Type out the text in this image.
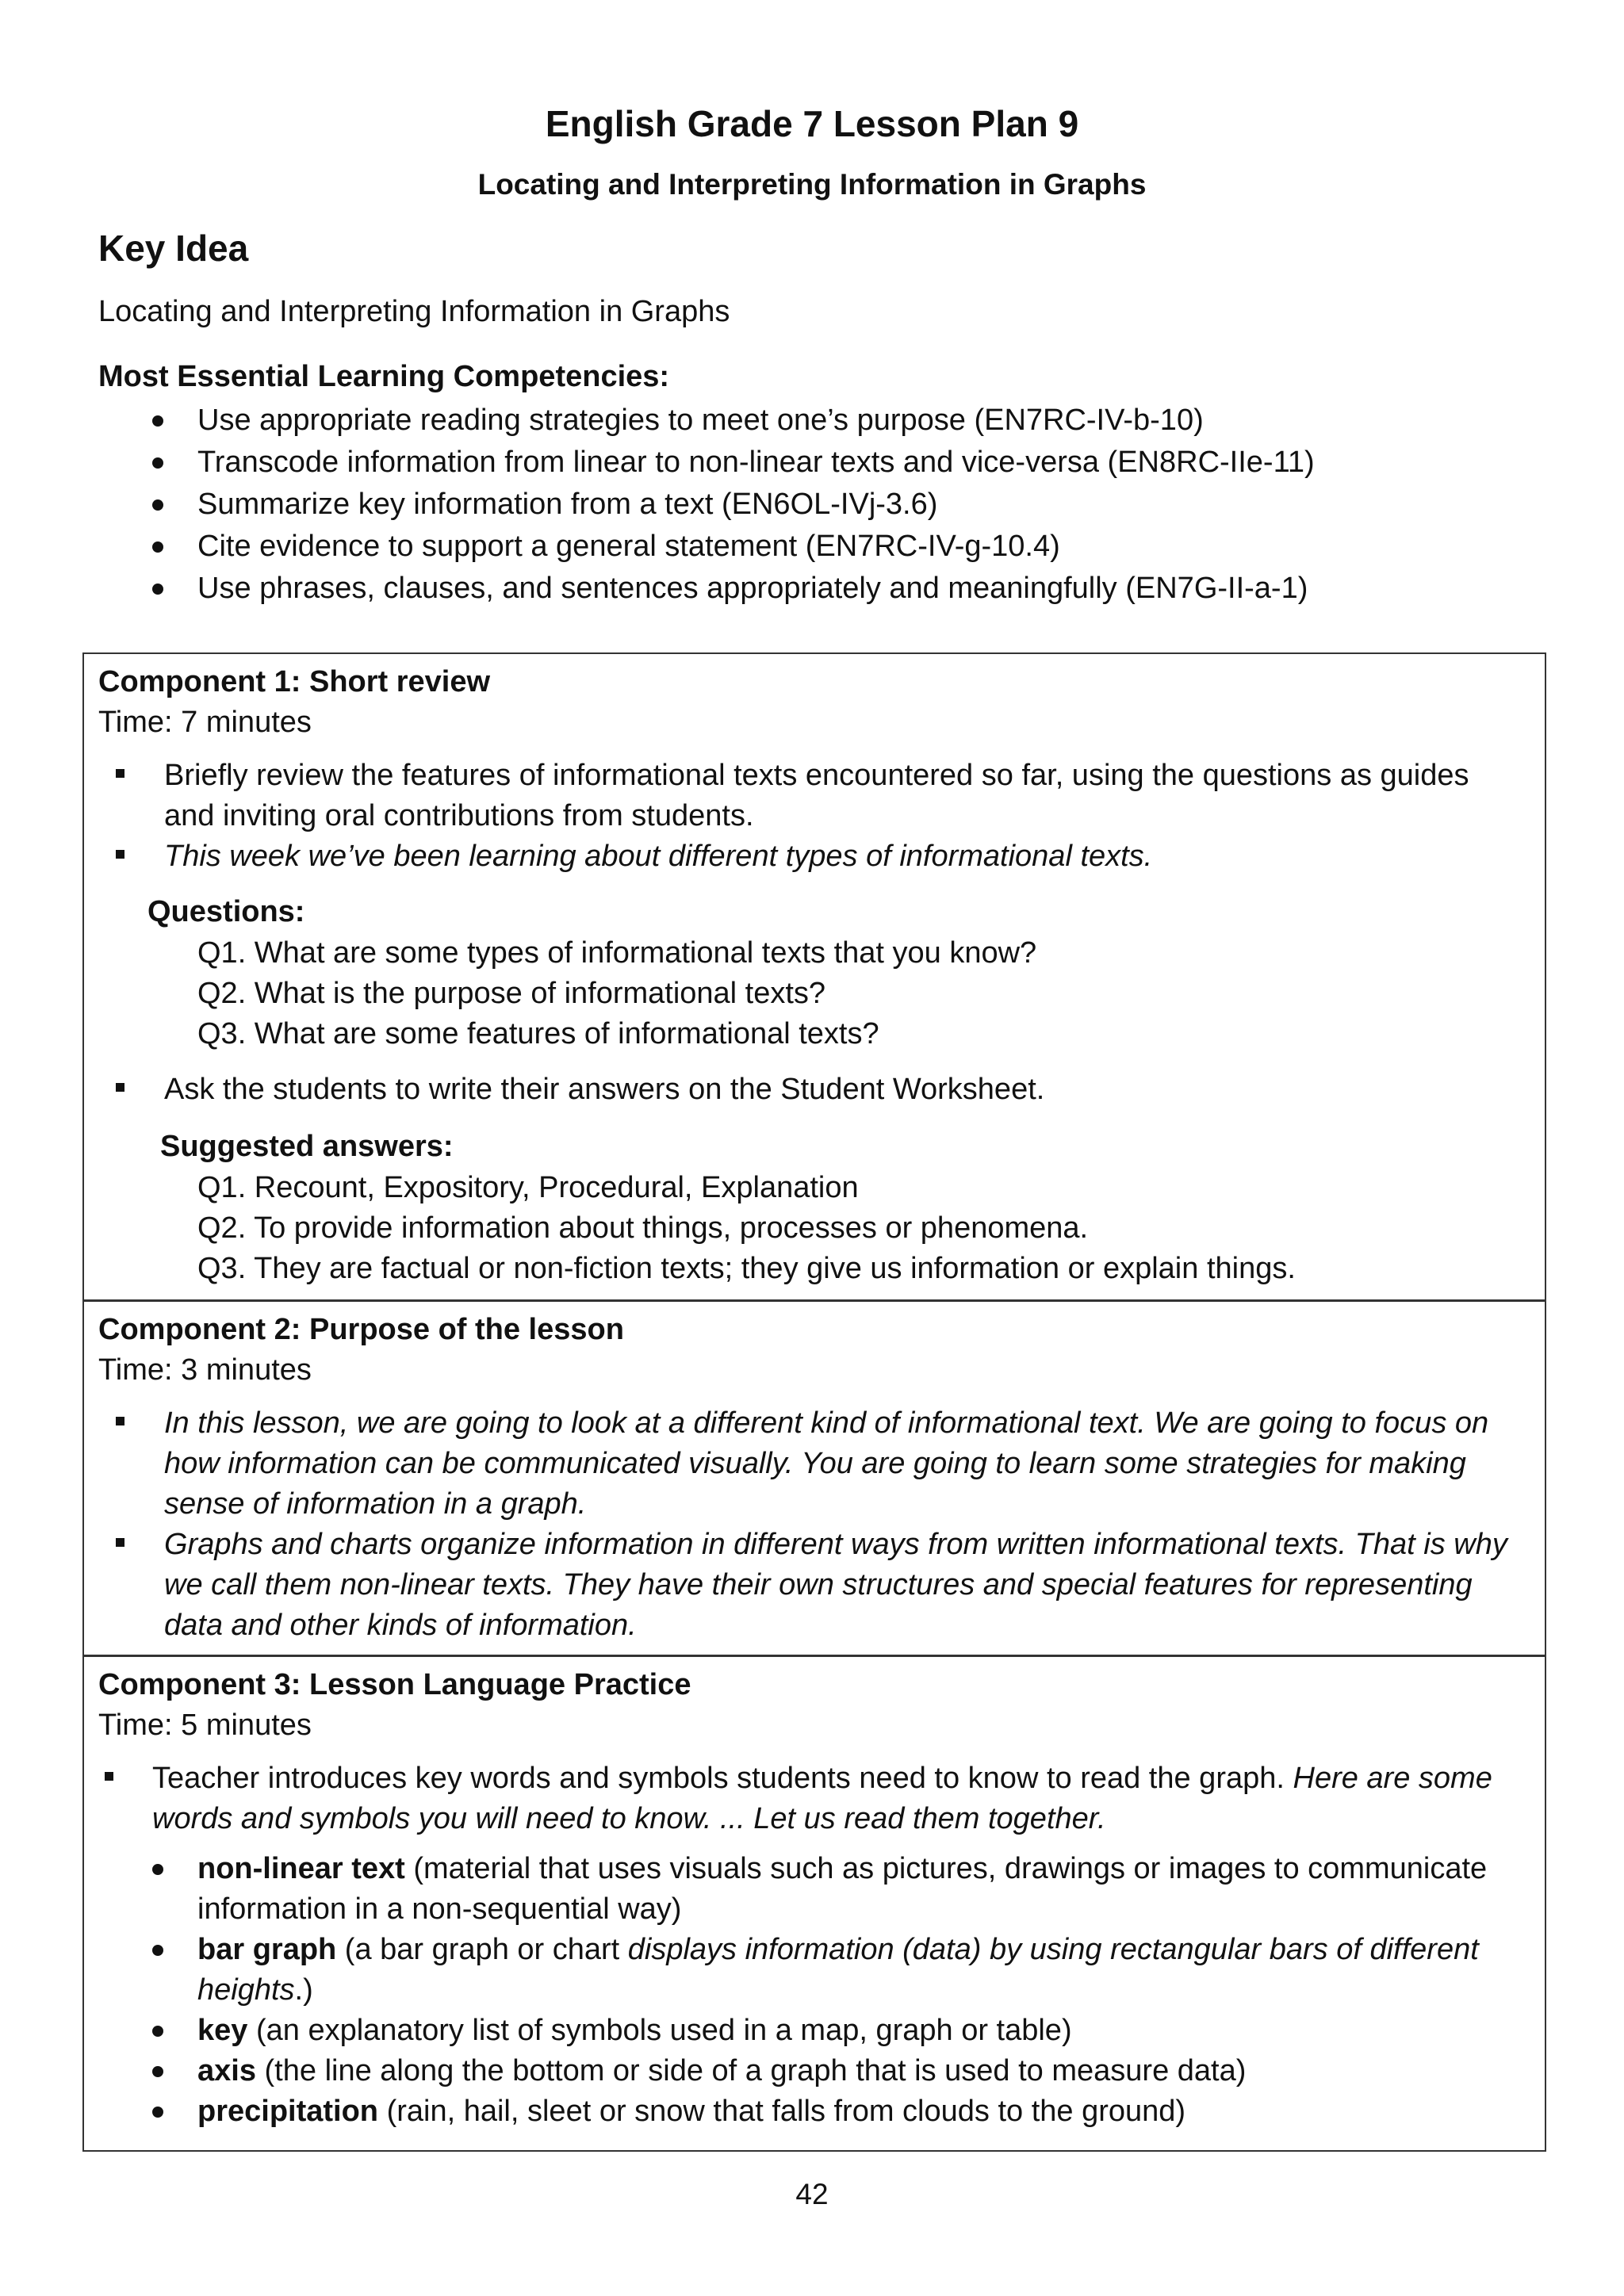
English Grade 7 Lesson Plan 9
Locating and Interpreting Information in Graphs
Key Idea
Locating and Interpreting Information in Graphs
Most Essential Learning Competencies:
Use appropriate reading strategies to meet one’s purpose (EN7RC-IV-b-10)
Transcode information from linear to non-linear texts and vice-versa (EN8RC-IIe-11)
Summarize key information from a text (EN6OL-IVj-3.6)
Cite evidence to support a general statement (EN7RC-IV-g-10.4)
Use phrases, clauses, and sentences appropriately and meaningfully (EN7G-II-a-1)
Component 1: Short review
Time: 7 minutes
Briefly review the features of informational texts encountered so far, using the questions as guides and inviting oral contributions from students.
This week we’ve been learning about different types of informational texts.
Questions:
Q1. What are some types of informational texts that you know?
Q2. What is the purpose of informational texts?
Q3. What are some features of informational texts?
Ask the students to write their answers on the Student Worksheet.
Suggested answers:
Q1. Recount, Expository, Procedural, Explanation
Q2. To provide information about things, processes or phenomena.
Q3. They are factual or non-fiction texts; they give us information or explain things.
Component 2: Purpose of the lesson
Time: 3 minutes
In this lesson, we are going to look at a different kind of informational text. We are going to focus on how information can be communicated visually. You are going to learn some strategies for making sense of information in a graph.
Graphs and charts organize information in different ways from written informational texts. That is why we call them non-linear texts. They have their own structures and special features for representing data and other kinds of information.
Component 3: Lesson Language Practice
Time: 5 minutes
Teacher introduces key words and symbols students need to know to read the graph. Here are some words and symbols you will need to know. ... Let us read them together.
non-linear text (material that uses visuals such as pictures, drawings or images to communicate information in a non-sequential way)
bar graph (a bar graph or chart displays information (data) by using rectangular bars of different heights.)
key (an explanatory list of symbols used in a map, graph or table)
axis (the line along the bottom or side of a graph that is used to measure data)
precipitation (rain, hail, sleet or snow that falls from clouds to the ground)
42
